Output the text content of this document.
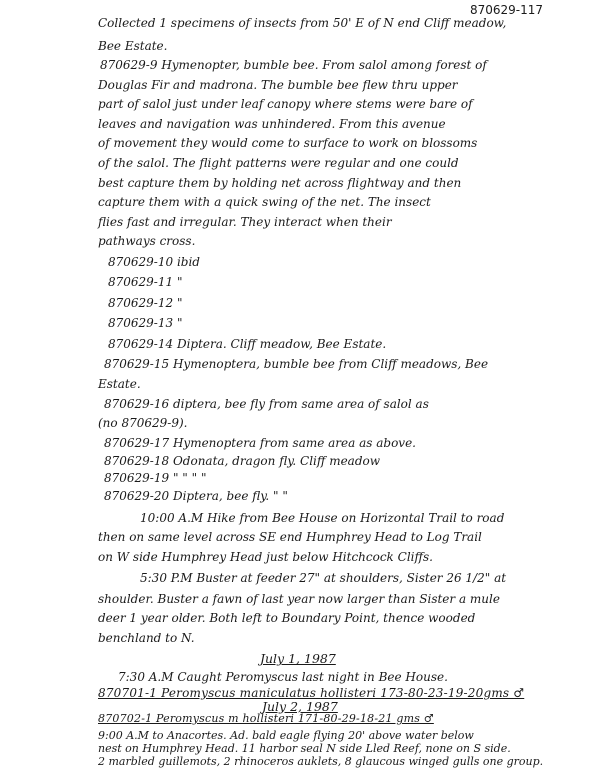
870629-117
Collected 1 specimens of insects from 50' E of N end Cliff meadow,
Bee Estate.
870629-9 Hymenopter, bumble bee. From salol among forest of
Douglas Fir and madrona. The bumble bee flew thru upper
part of salol just under leaf canopy where stems were bare of
leaves and navigation was unhindered. From this avenue
of movement they would come to surface to work on blossoms
of the salol. The flight patterns were regular and one could
best capture them by holding net across flightway and then
capture them with a quick swing of the net. The insect
flies fast and irregular. They interact when their
pathways cross.
870629-10 ibid
870629-11 "
870629-12 "
870629-13 "
870629-14 Diptera. Cliff meadow, Bee Estate.
870629-15 Hymenoptera, bumble bee from Cliff meadows, Bee
Estate.
870629-16 diptera, bee fly from same area of salol as
(no 870629-9).
870629-17 Hymenoptera from same area as above.
870629-18 Odonata, dragon fly. Cliff meadow
870629-19 " " " "
870629-20 Diptera, bee fly. " "
10:00 A.M Hike from Bee House on Horizontal Trail to road
then on same level across SE end Humphrey Head to Log Trail
on W side Humphrey Head just below Hitchcock Cliffs.
5:30 P.M Buster at feeder 27" at shoulders, Sister 26 1/2" at
shoulder. Buster a fawn of last year now larger than Sister a mule
deer 1 year older. Both left to Boundary Point, thence wooded
benchland to N.
July 1, 1987
7:30 A.M Caught Peromyscus last night in Bee House.
870701-1 Peromyscus maniculatus hollisteri 173-80-23-19-20gms ♂
July 2, 1987
870702-1 Peromyscus m hollisteri 171-80-29-18-21 gms ♂
9:00 A.M to Anacortes. Ad. bald eagle flying 20' above water below
nest on Humphrey Head. 11 harbor seal N side Lled Reef, none on S side.
2 marbled guillemots, 2 rhinoceros auklets, 8 glaucous winged gulls one group.
